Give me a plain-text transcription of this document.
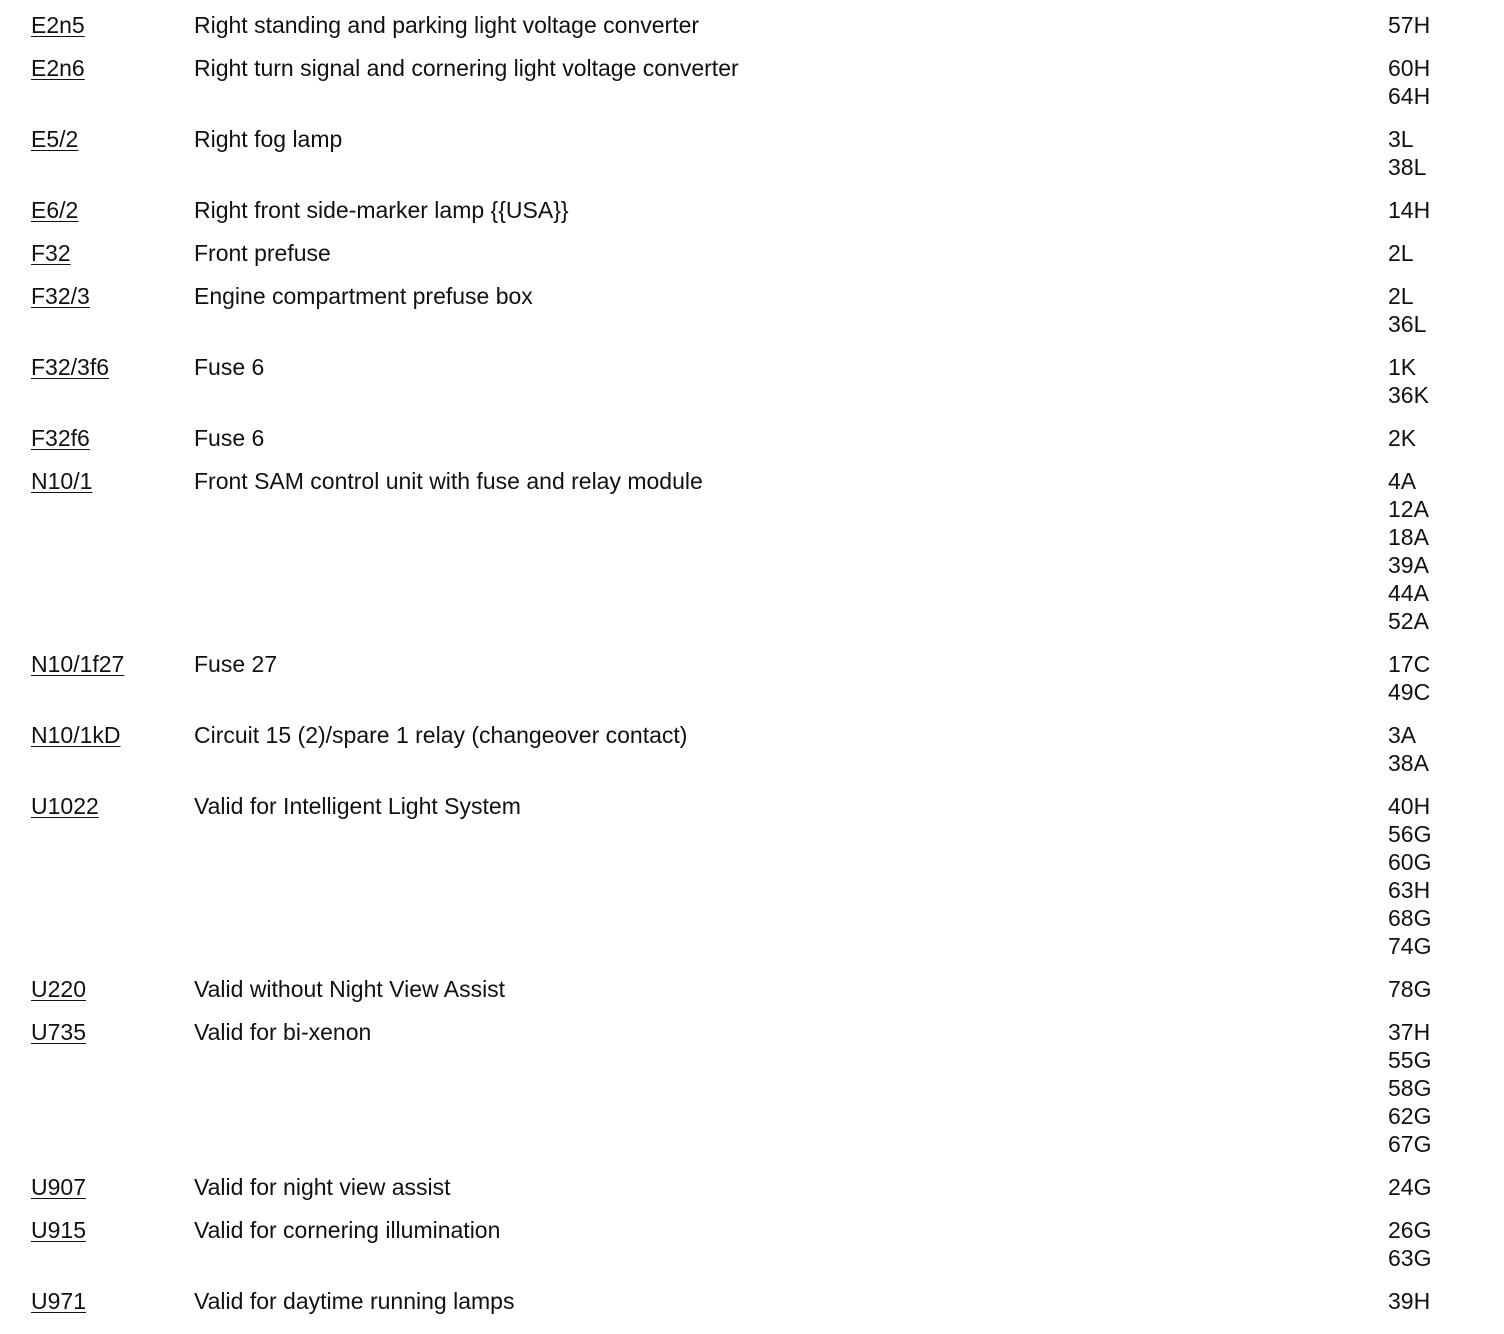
E2n5	Right standing and parking light voltage converter	57H
E2n6	Right turn signal and cornering light voltage converter	60H
64H
E5/2	Right fog lamp	3L
38L
E6/2	Right front side-marker lamp {{USA}}	14H
F32	Front prefuse	2L
F32/3	Engine compartment prefuse box	2L
36L
F32/3f6	Fuse 6	1K
36K
F32f6	Fuse 6	2K
N10/1	Front SAM control unit with fuse and relay module	4A
12A
18A
39A
44A
52A
N10/1f27	Fuse 27	17C
49C
N10/1kD	Circuit 15 (2)/spare 1 relay (changeover contact)	3A
38A
U1022	Valid for Intelligent Light System	40H
56G
60G
63H
68G
74G
U220	Valid without Night View Assist	78G
U735	Valid for bi-xenon	37H
55G
58G
62G
67G
U907	Valid for night view assist	24G
U915	Valid for cornering illumination	26G
63G
U971	Valid for daytime running lamps	39H
